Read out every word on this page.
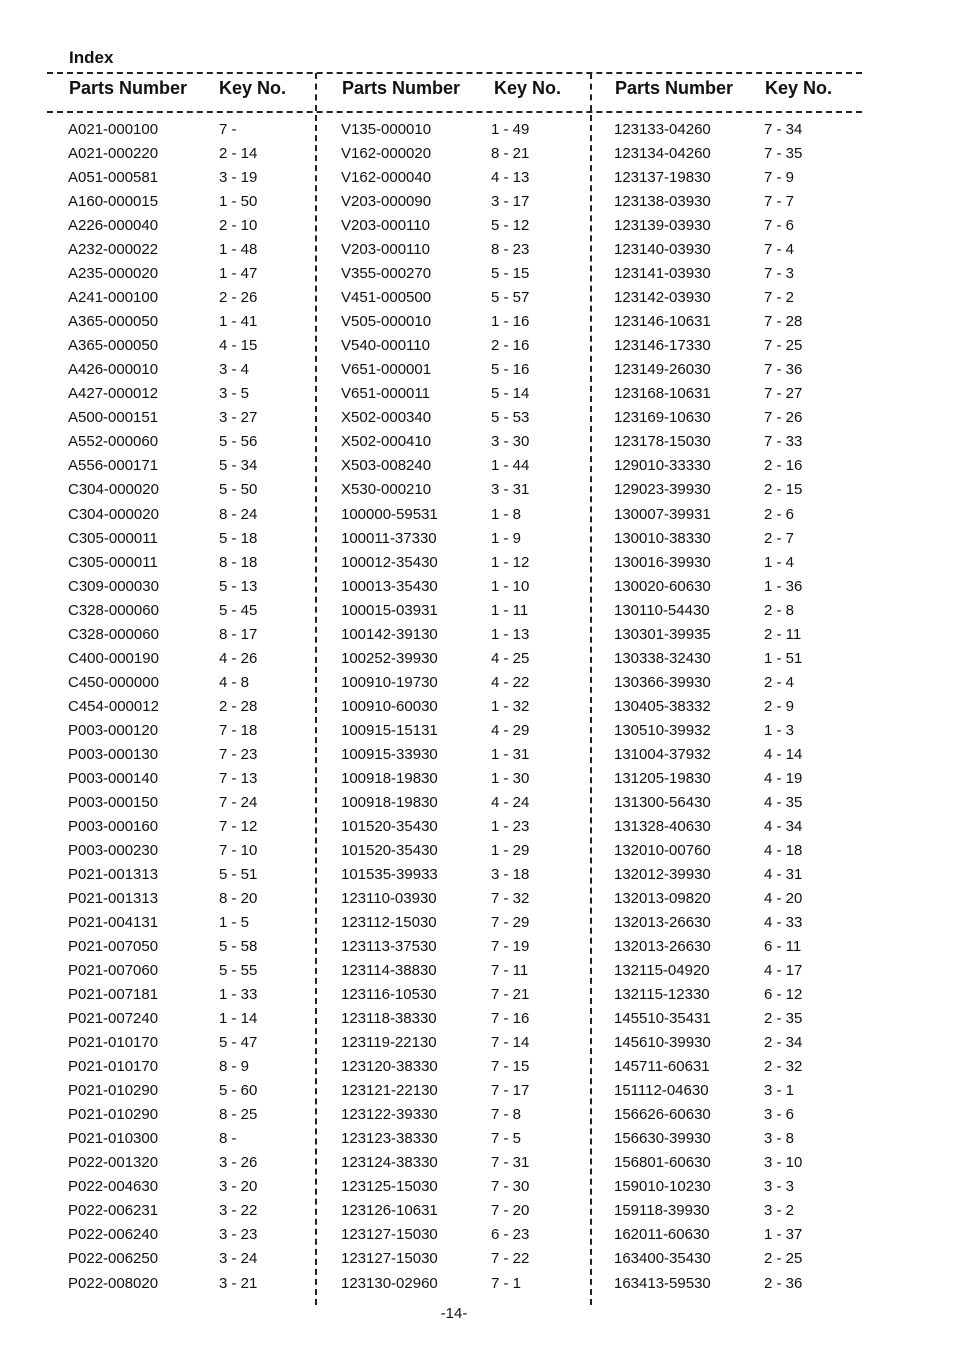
Index
Parts Number Key No.	Parts Number Key No.	Parts Number Key No.
A021-000100	7 -
A021-000220	2 - 14
A051-000581	3 - 19
A160-000015	1 - 50
A226-000040	2 - 10
A232-000022	1 - 48
A235-000020	1 - 47
A241-000100	2 - 26
A365-000050	1 - 41
A365-000050	4 - 15
A426-000010	3 - 4
A427-000012	3 - 5
A500-000151	3 - 27
A552-000060	5 - 56
A556-000171	5 - 34
C304-000020	5 - 50
C304-000020	8 - 24
C305-000011	5 - 18
C305-000011	8 - 18
C309-000030	5 - 13
C328-000060	5 - 45
C328-000060	8 - 17
C400-000190	4 - 26
C450-000000	4 - 8
C454-000012	2 - 28
P003-000120	7 - 18
P003-000130	7 - 23
P003-000140	7 - 13
P003-000150	7 - 24
P003-000160	7 - 12
P003-000230	7 - 10
P021-001313	5 - 51
P021-001313	8 - 20
P021-004131	1 - 5
P021-007050	5 - 58
P021-007060	5 - 55
P021-007181	1 - 33
P021-007240	1 - 14
P021-010170	5 - 47
P021-010170	8 - 9
P021-010290	5 - 60
P021-010290	8 - 25
P021-010300	8 -
P022-001320	3 - 26
P022-004630	3 - 20
P022-006231	3 - 22
P022-006240	3 - 23
P022-006250	3 - 24
P022-008020	3 - 21
V135-000010	1 - 49
V162-000020	8 - 21
V162-000040	4 - 13
V203-000090	3 - 17
V203-000110	5 - 12
V203-000110	8 - 23
V355-000270	5 - 15
V451-000500	5 - 57
V505-000010	1 - 16
V540-000110	2 - 16
V651-000001	5 - 16
V651-000011	5 - 14
X502-000340	5 - 53
X502-000410	3 - 30
X503-008240	1 - 44
X530-000210	3 - 31
100000-59531	1 - 8
100011-37330	1 - 9
100012-35430	1 - 12
100013-35430	1 - 10
100015-03931	1 - 11
100142-39130	1 - 13
100252-39930	4 - 25
100910-19730	4 - 22
100910-60030	1 - 32
100915-15131	4 - 29
100915-33930	1 - 31
100918-19830	1 - 30
100918-19830	4 - 24
101520-35430	1 - 23
101520-35430	1 - 29
101535-39933	3 - 18
123110-03930	7 - 32
123112-15030	7 - 29
123113-37530	7 - 19
123114-38830	7 - 11
123116-10530	7 - 21
123118-38330	7 - 16
123119-22130	7 - 14
123120-38330	7 - 15
123121-22130	7 - 17
123122-39330	7 - 8
123123-38330	7 - 5
123124-38330	7 - 31
123125-15030	7 - 30
123126-10631	7 - 20
123127-15030	6 - 23
123127-15030	7 - 22
123130-02960	7 - 1
123133-04260	7 - 34
123134-04260	7 - 35
123137-19830	7 - 9
123138-03930	7 - 7
123139-03930	7 - 6
123140-03930	7 - 4
123141-03930	7 - 3
123142-03930	7 - 2
123146-10631	7 - 28
123146-17330	7 - 25
123149-26030	7 - 36
123168-10631	7 - 27
123169-10630	7 - 26
123178-15030	7 - 33
129010-33330	2 - 16
129023-39930	2 - 15
130007-39931	2 - 6
130010-38330	2 - 7
130016-39930	1 - 4
130020-60630	1 - 36
130110-54430	2 - 8
130301-39935	2 - 11
130338-32430	1 - 51
130366-39930	2 - 4
130405-38332	2 - 9
130510-39932	1 - 3
131004-37932	4 - 14
131205-19830	4 - 19
131300-56430	4 - 35
131328-40630	4 - 34
132010-00760	4 - 18
132012-39930	4 - 31
132013-09820	4 - 20
132013-26630	4 - 33
132013-26630	6 - 11
132115-04920	4 - 17
132115-12330	6 - 12
145510-35431	2 - 35
145610-39930	2 - 34
145711-60631	2 - 32
151112-04630	3 - 1
156626-60630	3 - 6
156630-39930	3 - 8
156801-60630	3 - 10
159010-10230	3 - 3
159118-39930	3 - 2
162011-60630	1 - 37
163400-35430	2 - 25
163413-59530	2 - 36
-14-
